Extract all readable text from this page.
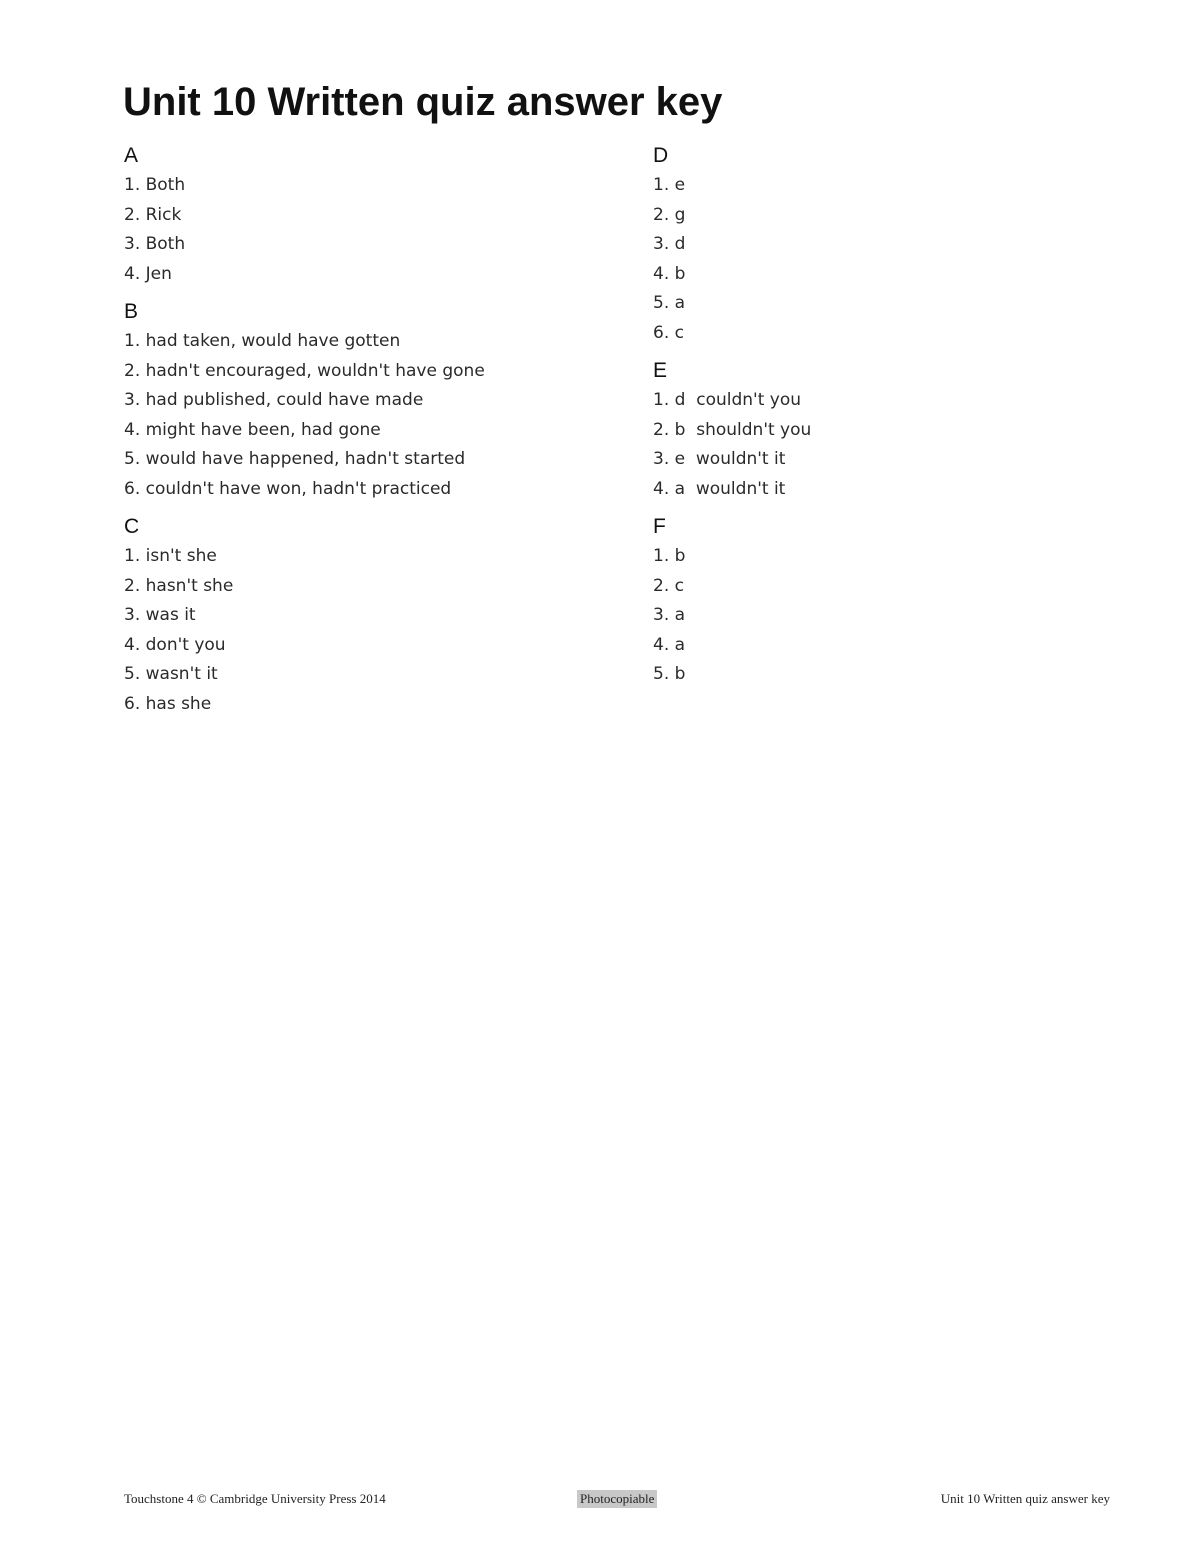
Unit 10 Written quiz answer key
A
1. Both
2. Rick
3. Both
4. Jen
B
1. had taken, would have gotten
2. hadn't encouraged, wouldn't have gone
3. had published, could have made
4. might have been, had gone
5. would have happened, hadn't started
6. couldn't have won, hadn't practiced
C
1. isn't she
2. hasn't she
3. was it
4. don't you
5. wasn't it
6. has she
D
1. e
2. g
3. d
4. b
5. a
6. c
E
1. d  couldn't you
2. b  shouldn't you
3. e  wouldn't it
4. a  wouldn't it
F
1. b
2. c
3. a
4. a
5. b
Touchstone 4 © Cambridge University Press 2014	Photocopiable	Unit 10 Written quiz answer key
